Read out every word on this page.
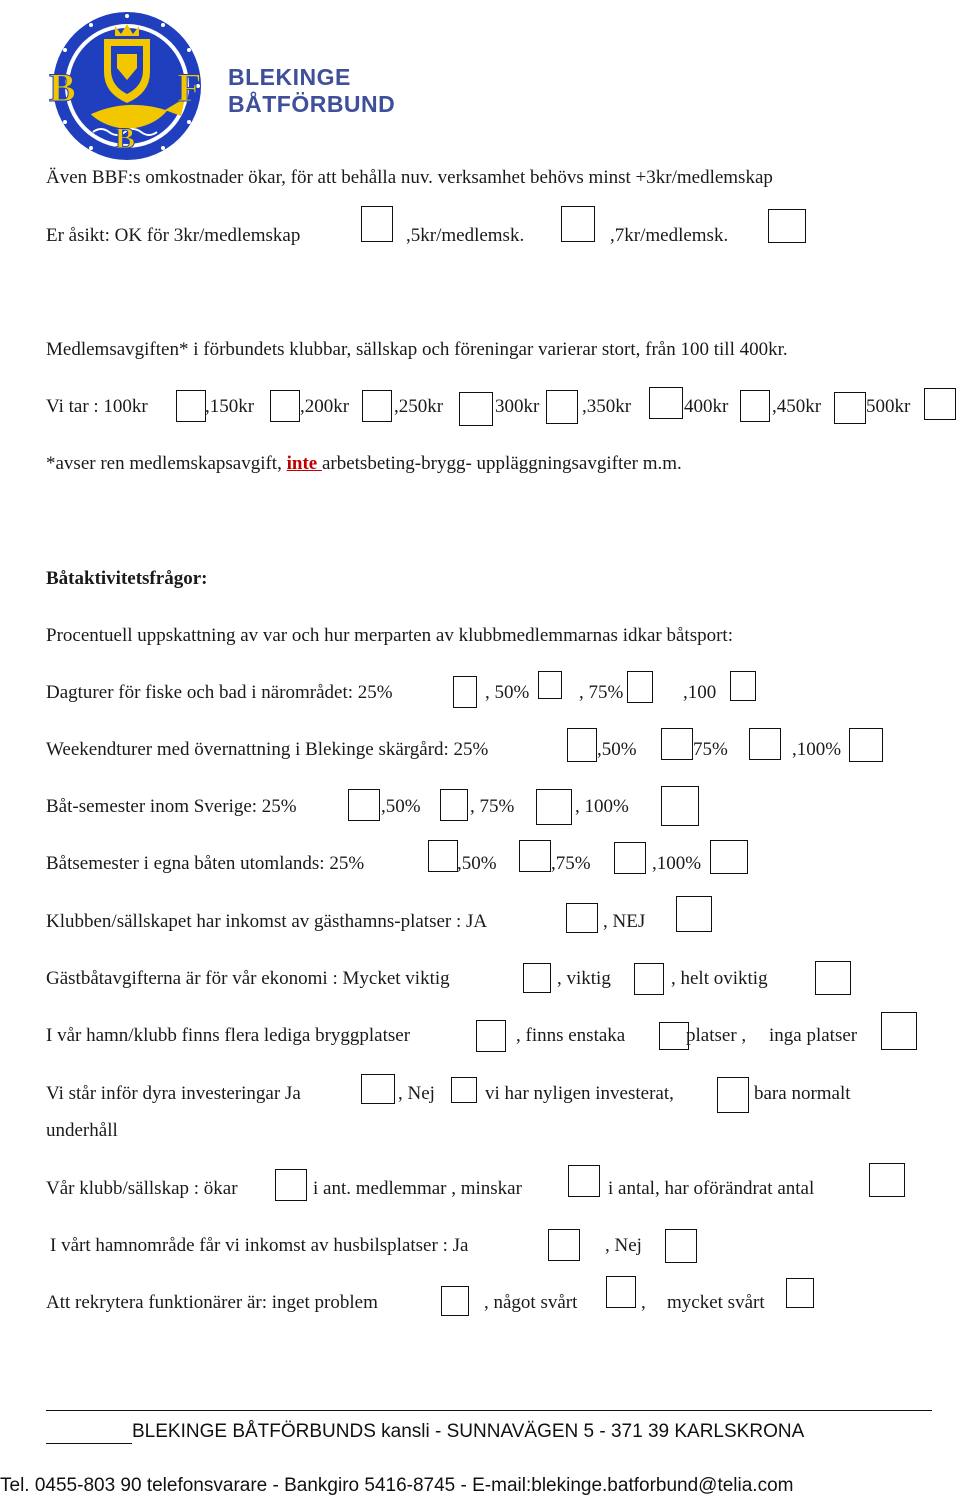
B	F
B
BLEKINGE
BÅTFÖRBUND
Även BBF:s omkostnader ökar, för att behålla nuv. verksamhet behövs minst +3kr/medlemskap
Er åsikt: OK för 3kr/medlemskap	,5kr/medlemsk.	,7kr/medlemsk.
Medlemsavgiften* i förbundets klubbar, sällskap och föreningar varierar stort, från 100 till 400kr.
Vi tar : 100kr	,150kr ,200kr ,250kr	300kr ,350kr	400kr ,450kr 500kr
*avser ren medlemskapsavgift, inte arbetsbeting-brygg- uppläggningsavgifter m.m.
Båtaktivitetsfrågor:
Procentuell uppskattning av var och hur merparten av klubbmedlemmarnas idkar båtsport:
Dagturer för fiske och bad i närområdet: 25%	, 50%	, 75%	,100
Weekendturer med övernattning i Blekinge skärgård: 25%	,50%	75%	,100%
Båt-semester inom Sverige: 25%	,50%	, 75%	, 100%
Båtsemester i egna båten utomlands: 25%	,50%	,75%	,100%
Klubben/sällskapet har inkomst av gästhamns-platser : JA	, NEJ
Gästbåtavgifterna är för vår ekonomi : Mycket viktig	, viktig	, helt oviktig
I vår hamn/klubb finns flera lediga bryggplatser	, finns enstaka	platser , inga platser
Vi står inför dyra investeringar Ja	, Nej	vi har nyligen investerat,	bara normalt
underhåll
Vår klubb/sällskap : ökar	i ant. medlemmar , minskar	i antal, har oförändrat antal
I vårt hamnområde får vi inkomst av husbilsplatser : Ja	, Nej
Att rekrytera funktionärer är: inget problem	, något svårt	, mycket svårt
BLEKINGE BÅTFÖRBUNDS kansli - SUNNAVÄGEN 5 - 371 39 KARLSKRONA
Tel. 0455-803 90 telefonsvarare - Bankgiro 5416-8745 - E-mail:blekinge.batforbund@telia.com
